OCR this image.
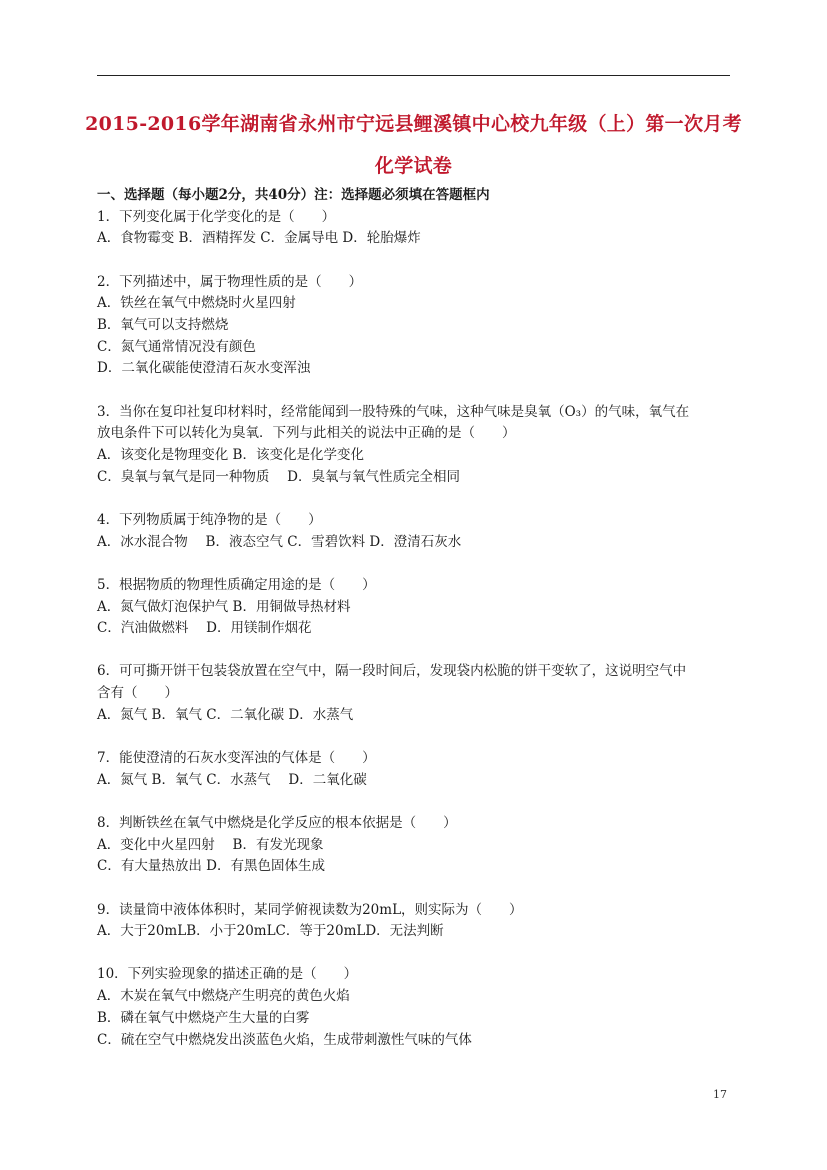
2015-2016学年湖南省永州市宁远县鲤溪镇中心校九年级（上）第一次月考
化学试卷
一、选择题（每小题2分，共40分）注：选择题必须填在答题框内
1．下列变化属于化学变化的是（　　）
A．食物霉变 B．酒精挥发 C．金属导电 D．轮胎爆炸
2．下列描述中，属于物理性质的是（　　）
A．铁丝在氧气中燃烧时火星四射
B．氧气可以支持燃烧
C．氮气通常情况没有颜色
D．二氧化碳能使澄清石灰水变浑浊
3．当你在复印社复印材料时，经常能闻到一股特殊的气味，这种气味是臭氧（O₃）的气味，氧气在
放电条件下可以转化为臭氧．下列与此相关的说法中正确的是（　　）
A．该变化是物理变化 B．该变化是化学变化
C．臭氧与氧气是同一种物质　 D．臭氧与氧气性质完全相同
4．下列物质属于纯净物的是（　　）
A．冰水混合物　 B．液态空气 C．雪碧饮料 D．澄清石灰水
5．根据物质的物理性质确定用途的是（　　）
A．氮气做灯泡保护气 B．用铜做导热材料
C．汽油做燃料　 D．用镁制作烟花
6．可可撕开饼干包装袋放置在空气中，隔一段时间后，发现袋内松脆的饼干变软了，这说明空气中
含有（　　）
A．氮气 B．氧气 C．二氧化碳 D．水蒸气
7．能使澄清的石灰水变浑浊的气体是（　　）
A．氮气 B．氧气 C．水蒸气　 D．二氧化碳
8．判断铁丝在氧气中燃烧是化学反应的根本依据是（　　）
A．变化中火星四射　 B．有发光现象
C．有大量热放出 D．有黑色固体生成
9．读量筒中液体体积时，某同学俯视读数为20mL，则实际为（　　）
A．大于20mLB．小于20mLC．等于20mLD．无法判断
10．下列实验现象的描述正确的是（　　）
A．木炭在氧气中燃烧产生明亮的黄色火焰
B．磷在氧气中燃烧产生大量的白雾
C．硫在空气中燃烧发出淡蓝色火焰，生成带刺激性气味的气体
17
